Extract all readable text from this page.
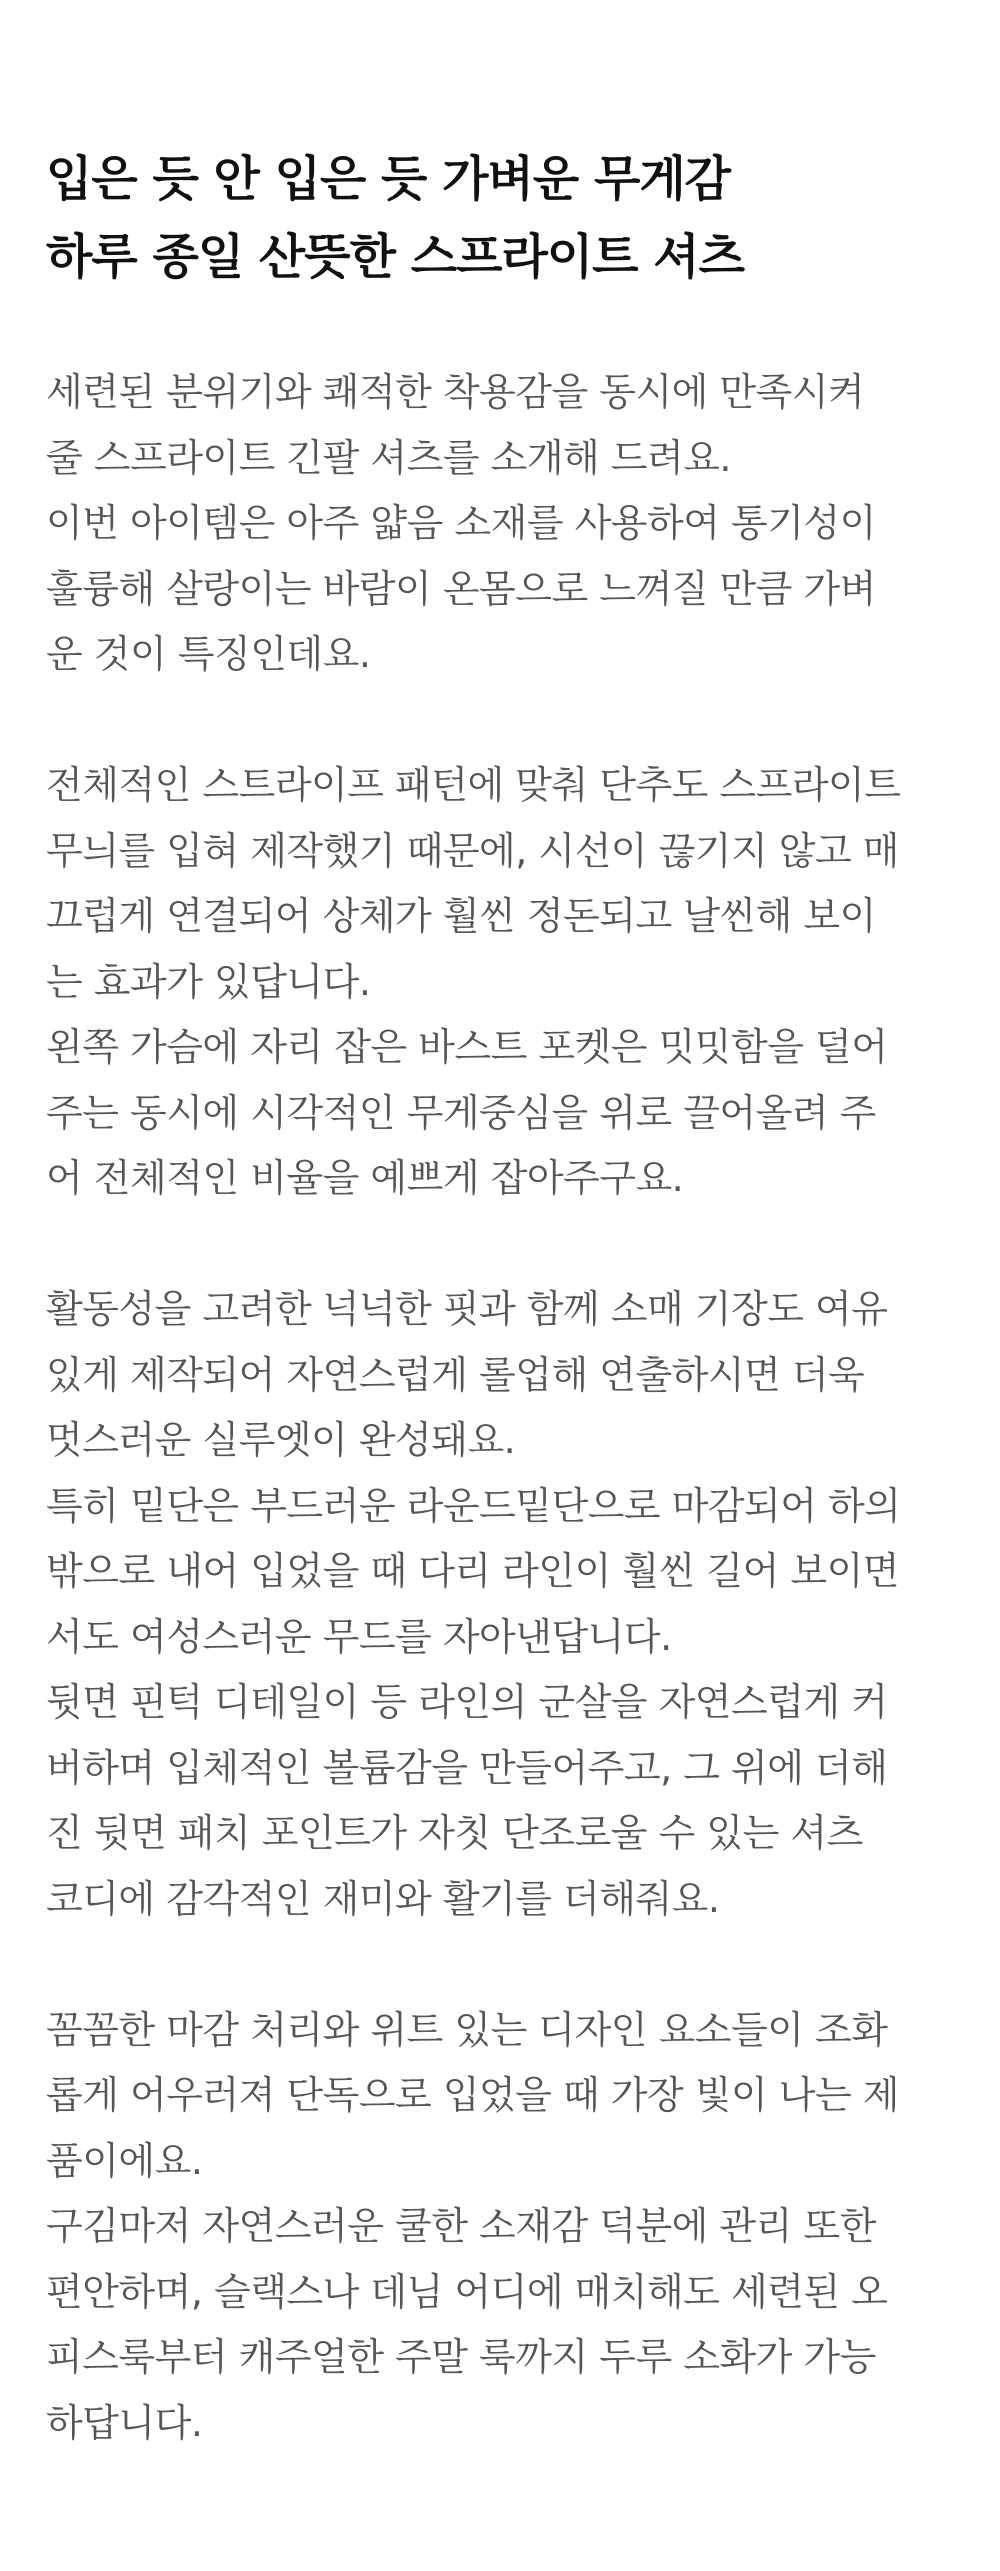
입은 듯 안 입은 듯 가벼운 무게감
하루 종일 산뜻한 스프라이트 셔츠

세련된 분위기와 쾌적한 착용감을 동시에 만족시켜
줄 스프라이트 긴팔 셔츠를 소개해 드려요.

이번 아이템은 아주 얇음 소재를 사용하여 통기성이
훌륭해 살랑이는 바람이 온몸으로 느껴질 만큼 가벼
운 것이 특징인데요.

전체적인 스트라이프 패턴에 맞춰 단추도 스프라이트
무늬를 입혀 제작했기 때문에, 시선이 끊기지 않고 매
끄럽게 연결되어 상체가 훨씬 정돈되고 날씬해 보이
는 효과가 있답니다.

왼쪽 가슴에 자리 잡은 바스트 포켓은 밋밋함을 덜어
주는 동시에 시각적인 무게중심을 위로 끌어올려 주
어 전체적인 비율을 예쁘게 잡아주구요.

활동성을 고려한 넉넉한 핏과 함께 소매 기장도 여유
있게 제작되어 자연스럽게 롤업해 연출하시면 더욱
멋스러운 실루엣이 완성돼요.

특히 밑단은 부드러운 라운드밑단으로 마감되어 하의
밖으로 내어 입었을 때 다리 라인이 훨씬 길어 보이면
서도 여성스러운 무드를 자아낸답니다.

뒷면 핀턱 디테일이 등 라인의 군살을 자연스럽게 커
버하며 입체적인 볼륨감을 만들어주고, 그 위에 더해
진 뒷면 패치 포인트가 자칫 단조로울 수 있는 셔츠
코디에 감각적인 재미와 활기를 더해줘요.

꼼꼼한 마감 처리와 위트 있는 디자인 요소들이 조화
롭게 어우러져 단독으로 입었을 때 가장 빛이 나는 제
품이에요.

구김마저 자연스러운 쿨한 소재감 덕분에 관리 또한
편안하며, 슬랙스나 데님 어디에 매치해도 세련된 오
피스룩부터 캐주얼한 주말 룩까지 두루 소화가 가능
하답니다.
